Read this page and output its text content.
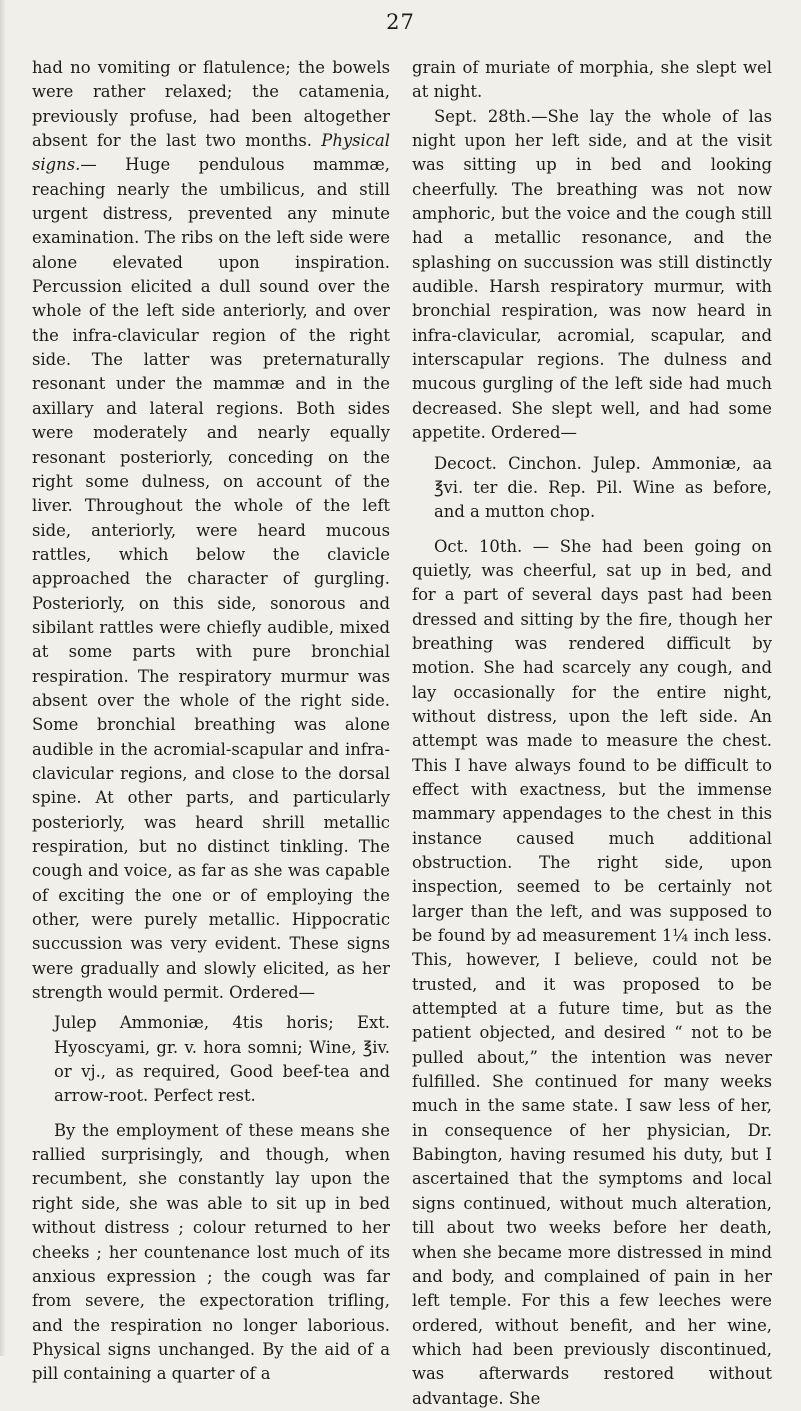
27

had no vomiting or flatulence; the bowels were rather relaxed; the catamenia, previously profuse, had been altogether absent for the last two months. Physical signs.— Huge pendulous mammæ, reaching nearly the umbilicus, and still urgent distress, prevented any minute examination. The ribs on the left side were alone elevated upon inspiration. Percussion elicited a dull sound over the whole of the left side anteriorly, and over the infra-clavicular region of the right side. The latter was preternaturally resonant under the mammæ and in the axillary and lateral regions. Both sides were moderately and nearly equally resonant posteriorly, conceding on the right some dulness, on account of the liver. Throughout the whole of the left side, anteriorly, were heard mucous rattles, which below the clavicle approached the character of gurgling. Posteriorly, on this side, sonorous and sibilant rattles were chiefly audible, mixed at some parts with pure bronchial respiration. The respiratory murmur was absent over the whole of the right side. Some bronchial breathing was alone audible in the acromial-scapular and infra-clavicular regions, and close to the dorsal spine. At other parts, and particularly posteriorly, was heard shrill metallic respiration, but no distinct tinkling. The cough and voice, as far as she was capable of exciting the one or of employing the other, were purely metallic. Hippocratic succussion was very evident. These signs were gradually and slowly elicited, as her strength would permit. Ordered—

Julep Ammoniæ, 4tis horis; Ext. Hyoscyami, gr. v. hora somni; Wine, ℥iv. or vj., as required, Good beef-tea and arrow-root. Perfect rest.

By the employment of these means she rallied surprisingly, and though, when recumbent, she constantly lay upon the right side, she was able to sit up in bed without distress ; colour returned to her cheeks ; her countenance lost much of its anxious expression ; the cough was far from severe, the expectoration trifling, and the respiration no longer laborious. Physical signs unchanged. By the aid of a pill containing a quarter of a

grain of muriate of morphia, she slept wel at night.

Sept. 28th.—She lay the whole of las night upon her left side, and at the visit was sitting up in bed and looking cheerfully. The breathing was not now amphoric, but the voice and the cough still had a metallic resonance, and the splashing on succussion was still distinctly audible. Harsh respiratory murmur, with bronchial respiration, was now heard in infra-clavicular, acromial, scapular, and interscapular regions. The dulness and mucous gurgling of the left side had much decreased. She slept well, and had some appetite. Ordered—

Decoct. Cinchon. Julep. Ammoniæ, aa ℥vi. ter die. Rep. Pil. Wine as before, and a mutton chop.

Oct. 10th. — She had been going on quietly, was cheerful, sat up in bed, and for a part of several days past had been dressed and sitting by the fire, though her breathing was rendered difficult by motion. She had scarcely any cough, and lay occasionally for the entire night, without distress, upon the left side. An attempt was made to measure the chest. This I have always found to be difficult to effect with exactness, but the immense mammary appendages to the chest in this instance caused much additional obstruction. The right side, upon inspection, seemed to be certainly not larger than the left, and was supposed to be found by ad measurement 1¼ inch less. This, however, I believe, could not be trusted, and it was proposed to be attempted at a future time, but as the patient objected, and desired “ not to be pulled about,” the intention was never fulfilled. She continued for many weeks much in the same state. I saw less of her, in consequence of her physician, Dr. Babington, having resumed his duty, but I ascertained that the symptoms and local signs continued, without much alteration, till about two weeks before her death, when she became more distressed in mind and body, and complained of pain in her left temple. For this a few leeches were ordered, without benefit, and her wine, which had been previously discontinued, was afterwards restored without advantage. She
